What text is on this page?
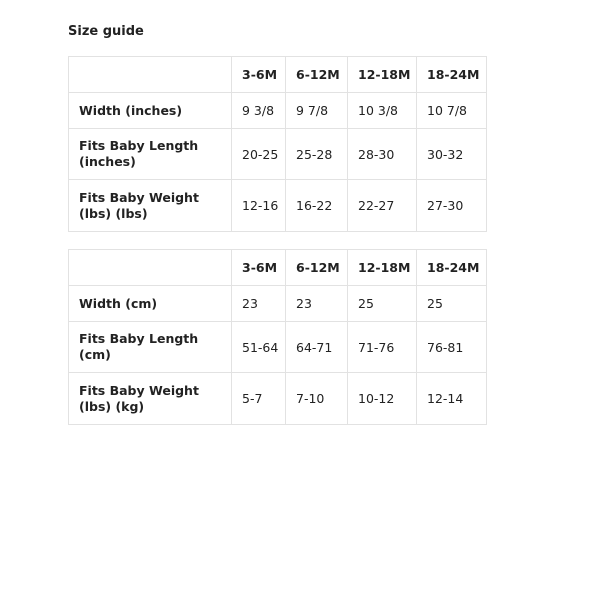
Size guide
	3-6M	6-12M	12-18M	18-24M
Width (inches)	9 3/8	9 7/8	10 3/8	10 7/8
Fits Baby Length (inches)	20-25	25-28	28-30	30-32
Fits Baby Weight (lbs) (lbs)	12-16	16-22	22-27	27-30
	3-6M	6-12M	12-18M	18-24M
Width (cm)	23	23	25	25
Fits Baby Length (cm)	51-64	64-71	71-76	76-81
Fits Baby Weight (lbs) (kg)	5-7	7-10	10-12	12-14
